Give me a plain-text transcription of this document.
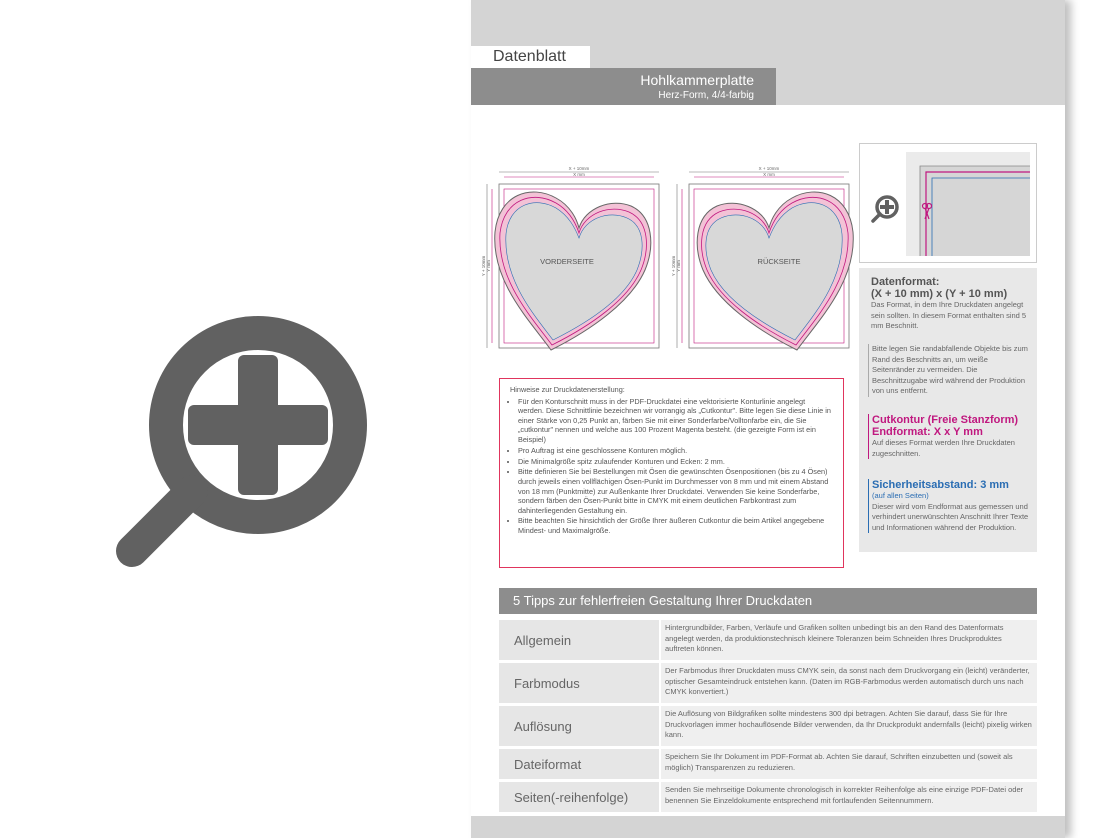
Datenblatt
Hohlkammerplatte
Herz-Form, 4/4-farbig
X + 10mm
X mm
Y + 10mm Y mm	VORDERSEITE
X + 10mm
X mm
Y + 10mm Y mm	RÜCKSEITE
Datenformat:
(X + 10 mm) x (Y + 10 mm)
Das Format, in dem Ihre Druckdaten angelegt sein sollten. In diesem Format enthalten sind 5 mm Beschnitt.
Bitte legen Sie randabfallende Objekte bis zum Rand des Beschnitts an, um weiße Seitenränder zu vermeiden. Die Beschnittzugabe wird während der Produktion von uns entfernt.
Cutkontur (Freie Stanzform)
Endformat: X x Y mm
Auf dieses Format werden Ihre Druckdaten zugeschnitten.
Sicherheitsabstand: 3 mm
(auf allen Seiten)
Dieser wird vom Endformat aus gemessen und verhindert unerwünschten Anschnitt Ihrer Texte und Informationen während der Produktion.
Hinweise zur Druckdatenerstellung:
• Für den Konturschnitt muss in der PDF-Druckdatei eine vektorisierte Konturlinie angelegt werden. Diese Schnittlinie bezeichnen wir vorrangig als „Cutkontur". Bitte legen Sie diese Linie in einer Stärke von 0,25 Punkt an, färben Sie mit einer Sonderfarbe/Volltonfarbe ein, die Sie „cutkontur" nennen und welche aus 100 Prozent Magenta besteht. (die gezeigte Form ist ein Beispiel)
• Pro Auftrag ist eine geschlossene Konturen möglich.
• Die Minimalgröße spitz zulaufender Konturen und Ecken: 2 mm.
• Bitte definieren Sie bei Bestellungen mit Ösen die gewünschten Ösenpositionen (bis zu 4 Ösen) durch jeweils einen vollflächigen Ösen-Punkt im Durchmesser von 8 mm und mit einem Abstand von 18 mm (Punktmitte) zur Außenkante Ihrer Druckdatei. Verwenden Sie keine Sonderfarbe, sondern färben den Ösen-Punkt bitte in CMYK mit einem deutlichen Farbkontrast zum dahinterliegenden Gestaltung ein.
• Bitte beachten Sie hinsichtlich der Größe Ihrer äußeren Cutkontur die beim Artikel angegebene Mindest- und Maximalgröße.
5 Tipps zur fehlerfreien Gestaltung Ihrer Druckdaten
Allgemein
Hintergrundbilder, Farben, Verläufe und Grafiken sollten unbedingt bis an den Rand des Datenformats angelegt werden, da produktionstechnisch kleinere Toleranzen beim Schneiden Ihres Druckproduktes auftreten können.
Farbmodus
Der Farbmodus Ihrer Druckdaten muss CMYK sein, da sonst nach dem Druckvorgang ein (leicht) veränderter, optischer Gesamteindruck entstehen kann. (Daten im RGB-Farbmodus werden automatisch durch uns nach CMYK konvertiert.)
Auflösung
Die Auflösung von Bildgrafiken sollte mindestens 300 dpi betragen. Achten Sie darauf, dass Sie für Ihre Druckvorlagen immer hochauflösende Bilder verwenden, da Ihr Druckprodukt andernfalls (leicht) pixelig wirken kann.
Dateiformat	Speichern Sie Ihr Dokument im PDF-Format ab. Achten Sie darauf, Schriften einzubetten und (soweit als möglich) Transparenzen zu reduzieren.
Seiten(-reihenfolge)	Senden Sie mehrseitige Dokumente chronologisch in korrekter Reihenfolge als eine einzige PDF-Datei oder benennen Sie Einzeldokumente entsprechend mit fortlaufenden Seitennummern.
